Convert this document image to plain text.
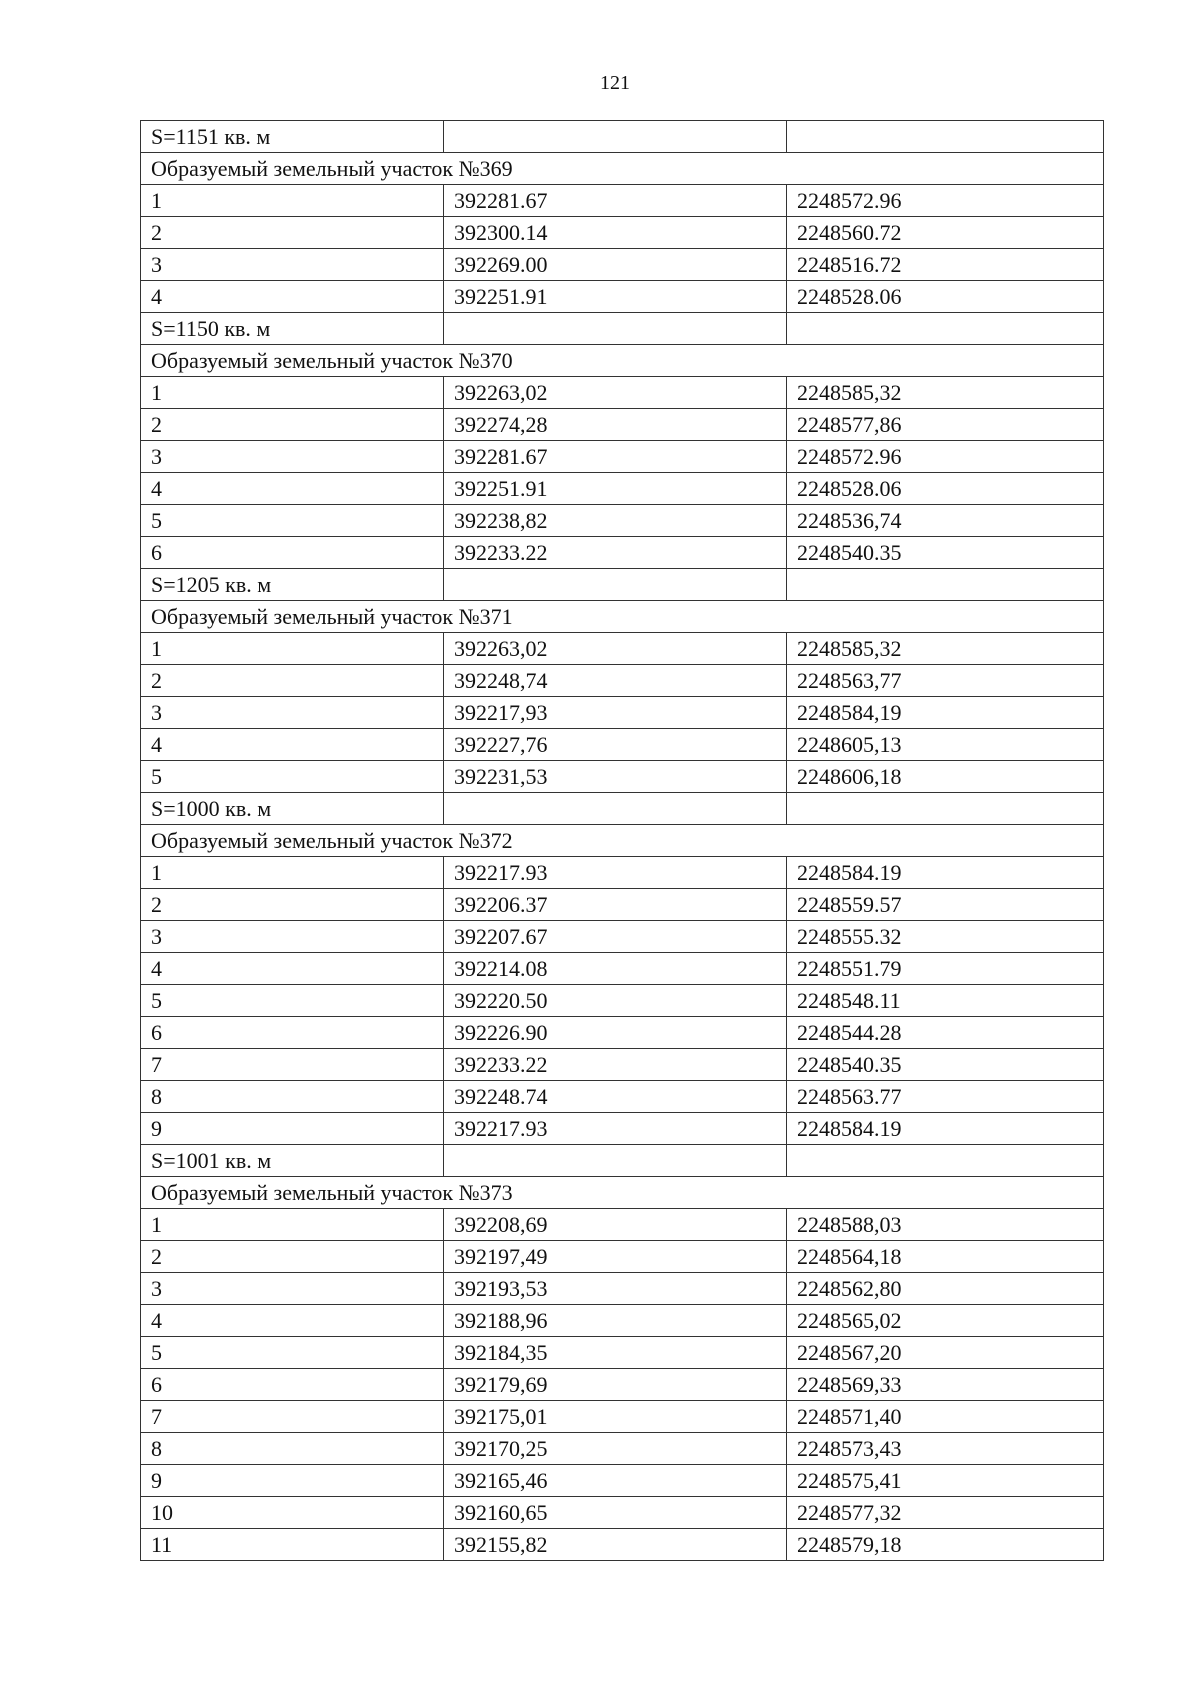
121
S=1151 кв. м		
Образуемый земельный участок №369		
1	392281.67	2248572.96
2	392300.14	2248560.72
3	392269.00	2248516.72
4	392251.91	2248528.06
S=1150 кв. м		
Образуемый земельный участок №370		
1	392263,02	2248585,32
2	392274,28	2248577,86
3	392281.67	2248572.96
4	392251.91	2248528.06
5	392238,82	2248536,74
6	392233.22	2248540.35
S=1205 кв. м		
Образуемый земельный участок №371		
1	392263,02	2248585,32
2	392248,74	2248563,77
3	392217,93	2248584,19
4	392227,76	2248605,13
5	392231,53	2248606,18
S=1000 кв. м		
Образуемый земельный участок №372		
1	392217.93	2248584.19
2	392206.37	2248559.57
3	392207.67	2248555.32
4	392214.08	2248551.79
5	392220.50	2248548.11
6	392226.90	2248544.28
7	392233.22	2248540.35
8	392248.74	2248563.77
9	392217.93	2248584.19
S=1001 кв. м		
Образуемый земельный участок №373		
1	392208,69	2248588,03
2	392197,49	2248564,18
3	392193,53	2248562,80
4	392188,96	2248565,02
5	392184,35	2248567,20
6	392179,69	2248569,33
7	392175,01	2248571,40
8	392170,25	2248573,43
9	392165,46	2248575,41
10	392160,65	2248577,32
11	392155,82	2248579,18
